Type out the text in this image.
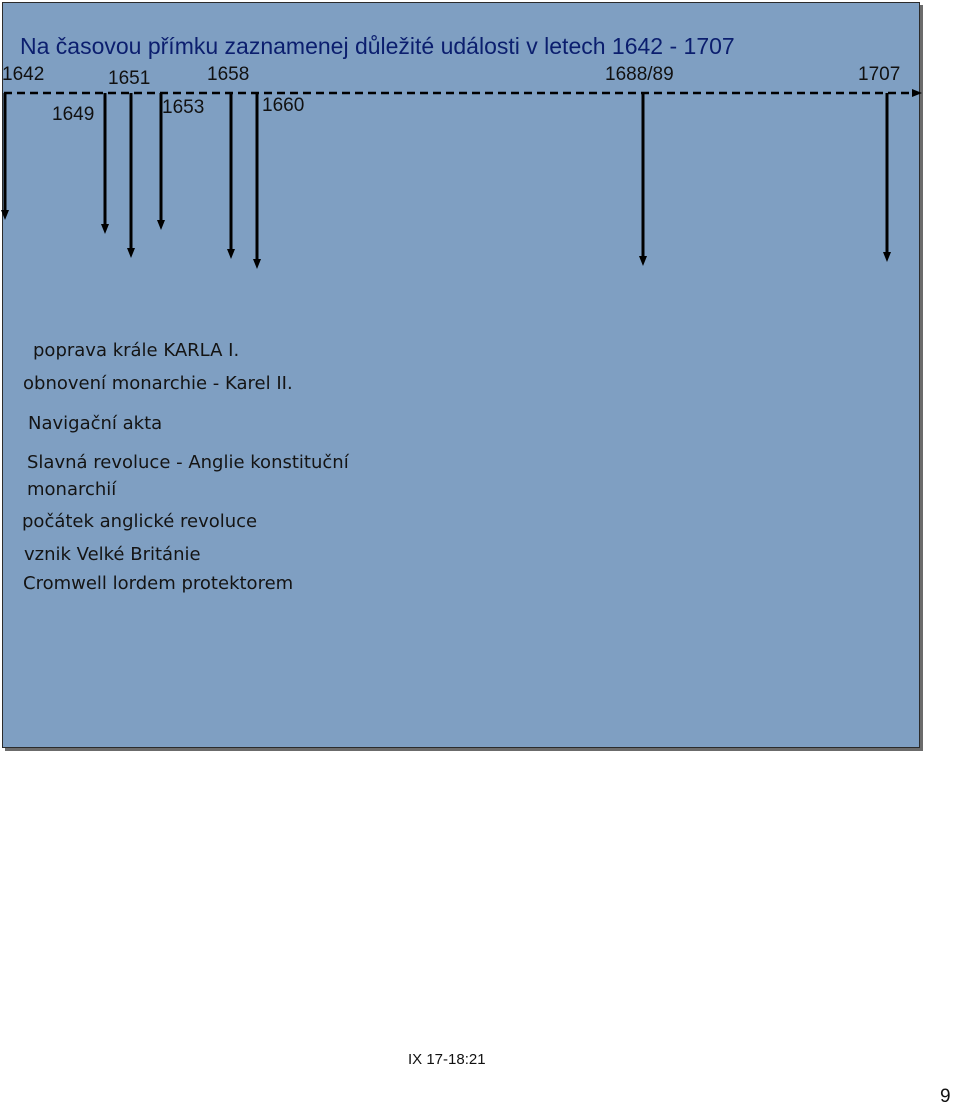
Na časovou přímku zaznamenej důležité události v letech 1642 - 1707
1642	1651	1658	1688/89	1707
1649	1653	1660
poprava krále KARLA I.
obnovení monarchie - Karel II.
Navigační akta
Slavná revoluce - Anglie konstituční monarchií
počátek anglické revoluce
vznik Velké Británie
Cromwell lordem protektorem
IX 17-18:21
9
